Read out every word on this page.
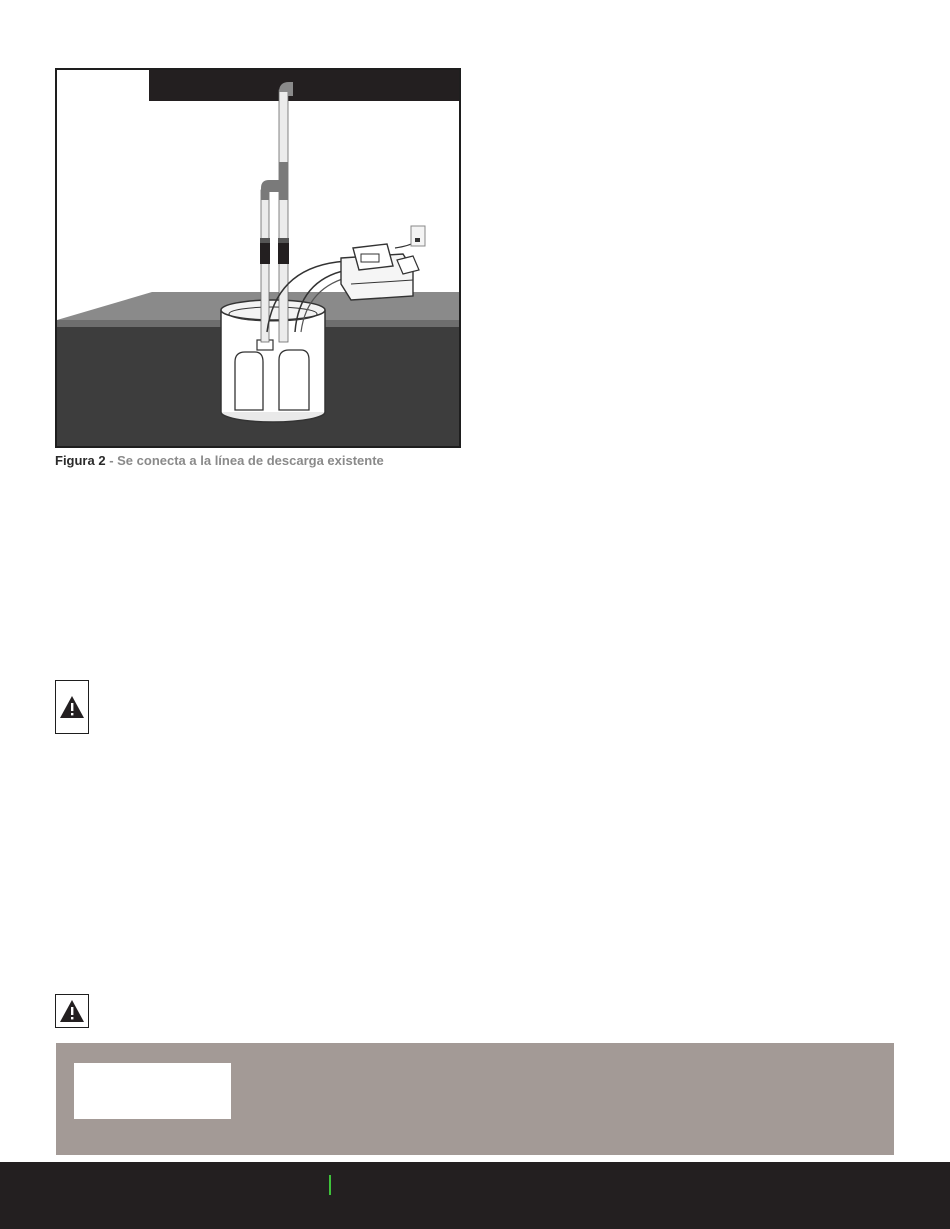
Figura 2 - Se conecta a la línea de descarga existente
